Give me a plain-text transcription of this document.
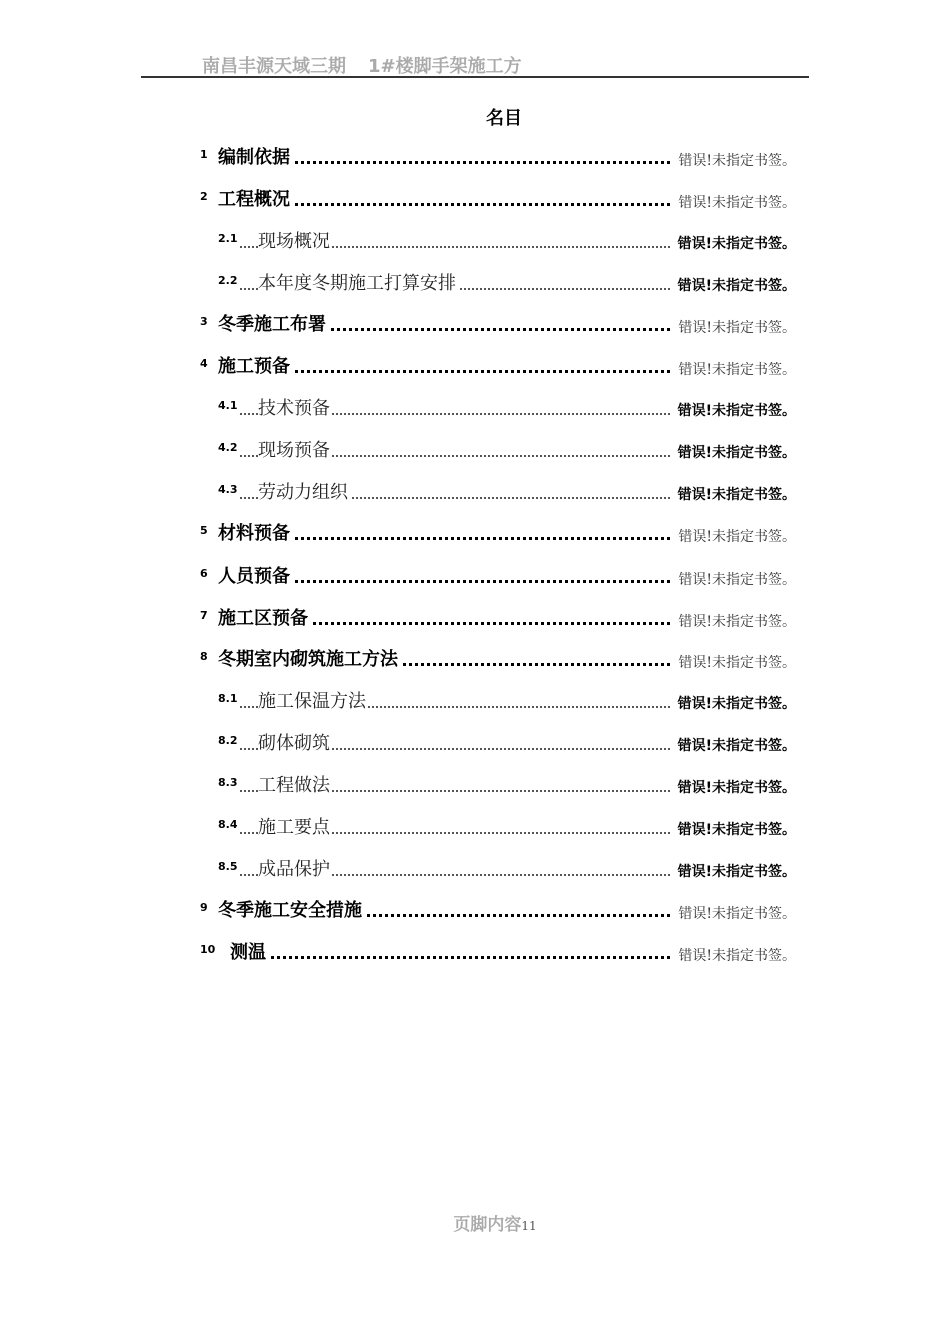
南昌丰源天域三期 1#楼脚手架施工方
名目
1 编制依据	错误!未指定书签。
2 工程概况	错误!未指定书签。
2.1 现场概况	错误!未指定书签。
2.2 本年度冬期施工打算安排	错误!未指定书签。
3 冬季施工布署	错误!未指定书签。
4 施工预备	错误!未指定书签。
4.1 技术预备	错误!未指定书签。
4.2 现场预备	错误!未指定书签。
4.3 劳动力组织	错误!未指定书签。
5 材料预备	错误!未指定书签。
6 人员预备	错误!未指定书签。
7 施工区预备	错误!未指定书签。
8 冬期室内砌筑施工方法	错误!未指定书签。
8.1 施工保温方法	错误!未指定书签。
8.2 砌体砌筑	错误!未指定书签。
8.3 工程做法	错误!未指定书签。
8.4 施工要点	错误!未指定书签。
8.5 成品保护	错误!未指定书签。
9 冬季施工安全措施	错误!未指定书签。
10 测温	错误!未指定书签。
页脚内容11
